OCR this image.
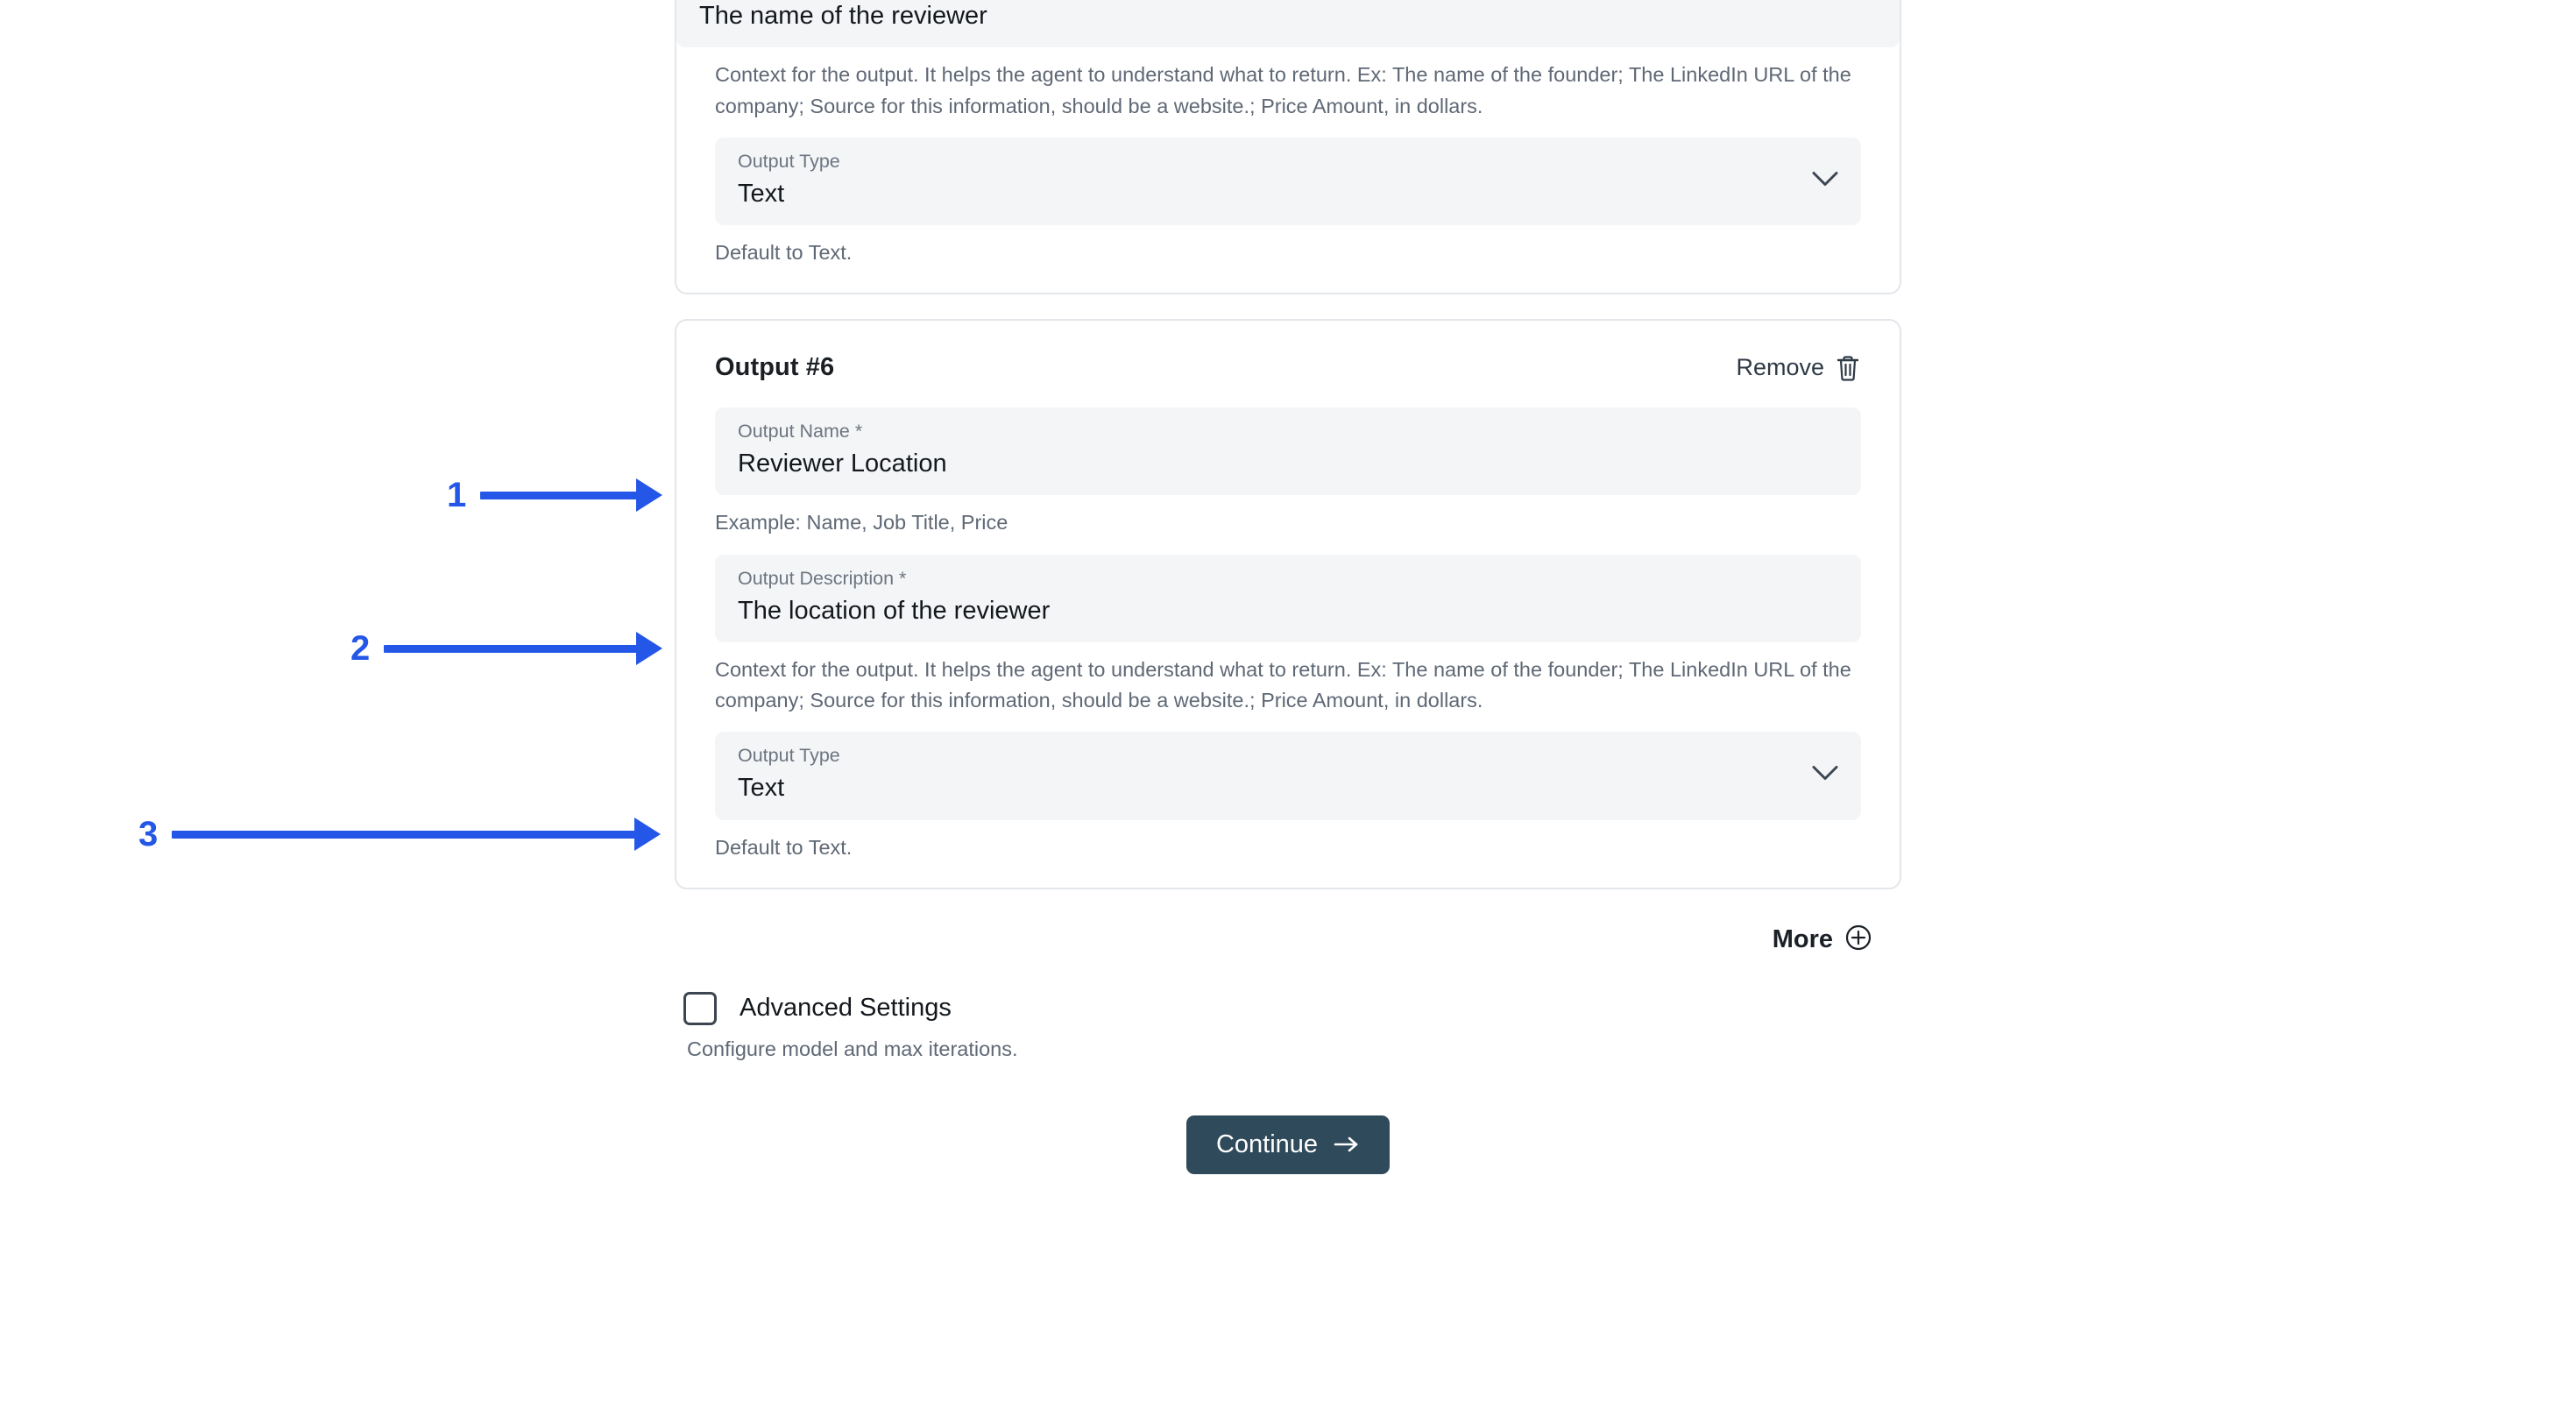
The name of the reviewer
Context for the output. It helps the agent to understand what to return. Ex: The name of the founder; The LinkedIn URL of the company; Source for this information, should be a website.; Price Amount, in dollars.
Output Type
Text
Default to Text.
Output #6	Remove
Output Name *
Reviewer Location
Example: Name, Job Title, Price
Output Description *
The location of the reviewer
Context for the output. It helps the agent to understand what to return. Ex: The name of the founder; The LinkedIn URL of the company; Source for this information, should be a website.; Price Amount, in dollars.
Output Type
Text
Default to Text.
More
Advanced Settings
Configure model and max iterations.
Continue
1
2
3
